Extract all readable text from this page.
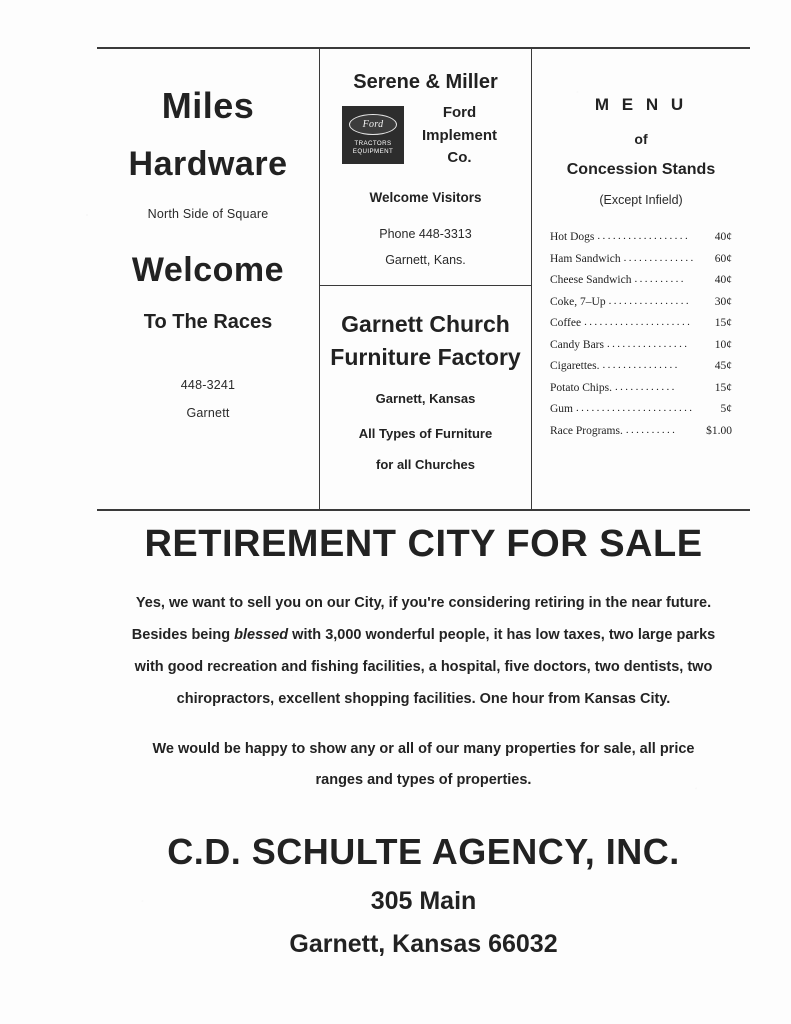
Miles
Hardware
North Side of Square
Welcome
To The Races
448-3241
Garnett
Serene & Miller
Ford
TRACTORS
EQUIPMENT
Ford
Implement
Co.
Welcome Visitors
Phone 448-3313
Garnett, Kans.
Garnett Church
Furniture Factory
Garnett, Kansas
All Types of Furniture
for all Churches
M E N U
of
Concession Stands
(Except Infield)
Hot Dogs ..................	40¢
Ham Sandwich ..............	60¢
Cheese Sandwich ..........	40¢
Coke, 7–Up ................	30¢
Coffee .....................	15¢
Candy Bars ................	10¢
Cigarettes. ...............	45¢
Potato Chips. ............	15¢
Gum .......................	5¢
Race Programs. ..........	$1.00
RETIREMENT CITY FOR SALE
Yes, we want to sell you on our City, if you're considering retiring in the near future.
Besides being blessed with 3,000 wonderful people, it has low taxes, two large parks
with good recreation and fishing facilities, a hospital, five doctors, two dentists, two
chiropractors, excellent shopping facilities. One hour from Kansas City.
We would be happy to show any or all of our many properties for sale, all price
ranges and types of properties.
C.D. SCHULTE AGENCY, INC.
305 Main
Garnett, Kansas 66032
